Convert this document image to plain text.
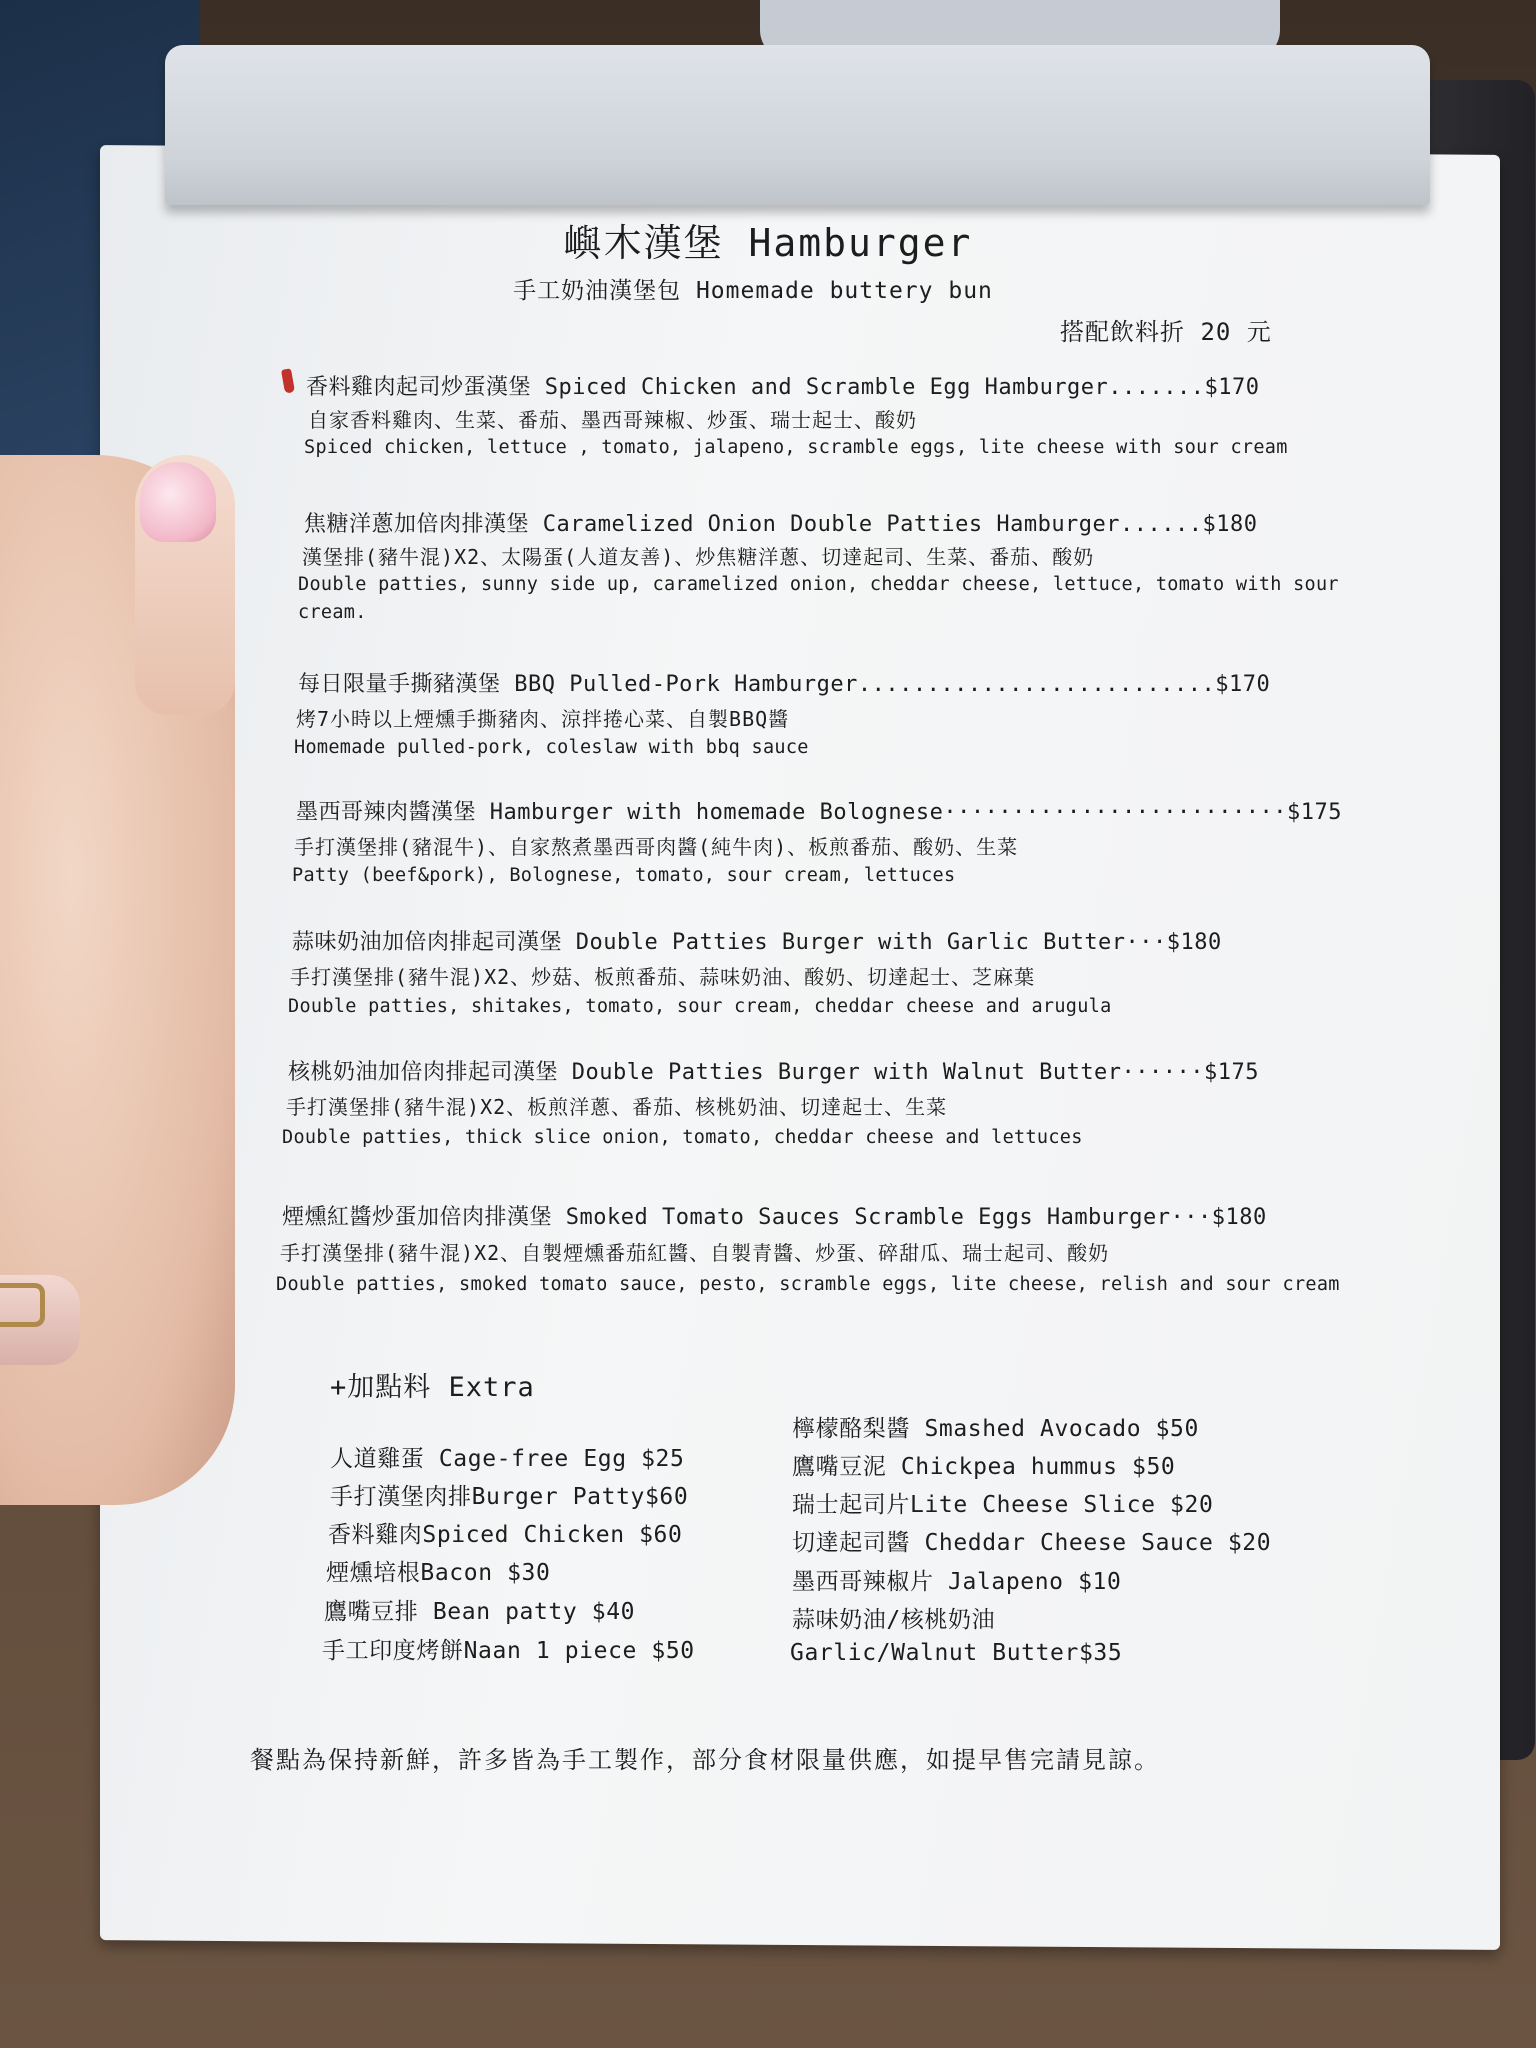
嶼木漢堡 Hamburger
手工奶油漢堡包 Homemade buttery bun
搭配飲料折 20 元
香料雞肉起司炒蛋漢堡 Spiced Chicken and Scramble Egg Hamburger.......$170
自家香料雞肉、生菜、番茄、墨西哥辣椒、炒蛋、瑞士起士、酸奶
Spiced chicken, lettuce , tomato, jalapeno, scramble eggs, lite cheese with sour cream
焦糖洋蔥加倍肉排漢堡 Caramelized Onion Double Patties Hamburger......$180
漢堡排(豬牛混)X2、太陽蛋(人道友善)、炒焦糖洋蔥、切達起司、生菜、番茄、酸奶
Double patties, sunny side up, caramelized onion, cheddar cheese, lettuce, tomato with sour
cream.
每日限量手撕豬漢堡 BBQ Pulled-Pork Hamburger..........................$170
烤7小時以上煙燻手撕豬肉、涼拌捲心菜、自製BBQ醬
Homemade pulled-pork, coleslaw with bbq sauce
墨西哥辣肉醬漢堡 Hamburger with homemade Bolognese·························$175
手打漢堡排(豬混牛)、自家熬煮墨西哥肉醬(純牛肉)、板煎番茄、酸奶、生菜
Patty (beef&pork), Bolognese, tomato, sour cream, lettuces
蒜味奶油加倍肉排起司漢堡 Double Patties Burger with Garlic Butter···$180
手打漢堡排(豬牛混)X2、炒菇、板煎番茄、蒜味奶油、酸奶、切達起士、芝麻葉
Double patties, shitakes, tomato, sour cream, cheddar cheese and arugula
核桃奶油加倍肉排起司漢堡 Double Patties Burger with Walnut Butter······$175
手打漢堡排(豬牛混)X2、板煎洋蔥、番茄、核桃奶油、切達起士、生菜
Double patties, thick slice onion, tomato, cheddar cheese and lettuces
煙燻紅醬炒蛋加倍肉排漢堡 Smoked Tomato Sauces Scramble Eggs Hamburger···$180
手打漢堡排(豬牛混)X2、自製煙燻番茄紅醬、自製青醬、炒蛋、碎甜瓜、瑞士起司、酸奶
Double patties, smoked tomato sauce, pesto, scramble eggs, lite cheese, relish and sour cream
+加點料 Extra
人道雞蛋 Cage-free Egg $25
手打漢堡肉排Burger Patty$60
香料雞肉Spiced Chicken $60
煙燻培根Bacon $30
鷹嘴豆排 Bean patty $40
手工印度烤餅Naan 1 piece $50
檸檬酪梨醬 Smashed Avocado $50
鷹嘴豆泥 Chickpea hummus $50
瑞士起司片Lite Cheese Slice $20
切達起司醬 Cheddar Cheese Sauce $20
墨西哥辣椒片 Jalapeno $10
蒜味奶油/核桃奶油
Garlic/Walnut Butter$35
餐點為保持新鮮，許多皆為手工製作，部分食材限量供應，如提早售完請見諒。
